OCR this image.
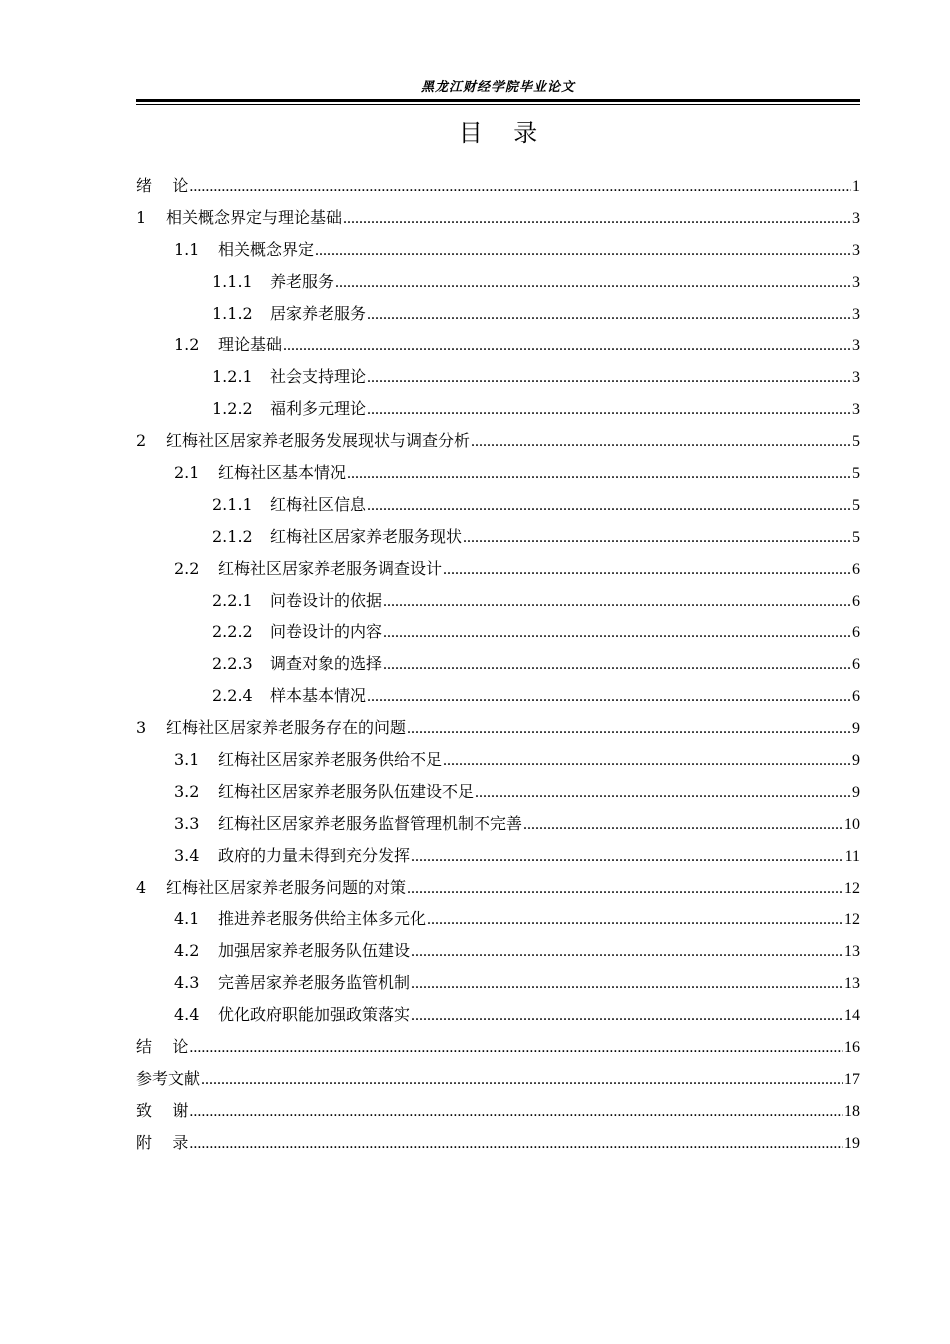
黑龙江财经学院毕业论文
目    录
绪    论 .....	1
1	相关概念界定与理论基础 .....	3
1.1	相关概念界定 .....	3
1.1.1	养老服务 .....	3
1.1.2	居家养老服务 .....	3
1.2	理论基础 .....	3
1.2.1	社会支持理论 .....	3
1.2.2	福利多元理论 .....	3
2	红梅社区居家养老服务发展现状与调查分析 .....	5
2.1	红梅社区基本情况 .....	5
2.1.1	红梅社区信息 .....	5
2.1.2	红梅社区居家养老服务现状 .....	5
2.2	红梅社区居家养老服务调查设计 .....	6
2.2.1	问卷设计的依据 .....	6
2.2.2	问卷设计的内容 .....	6
2.2.3	调查对象的选择 .....	6
2.2.4	样本基本情况 .....	6
3	红梅社区居家养老服务存在的问题 .....	9
3.1	红梅社区居家养老服务供给不足 .....	9
3.2	红梅社区居家养老服务队伍建设不足 .....	9
3.3	红梅社区居家养老服务监督管理机制不完善 .....	10
3.4	政府的力量未得到充分发挥 .....	11
4	红梅社区居家养老服务问题的对策 .....	12
4.1	推进养老服务供给主体多元化 .....	12
4.2	加强居家养老服务队伍建设 .....	13
4.3	完善居家养老服务监管机制 .....	13
4.4	优化政府职能加强政策落实 .....	14
结    论 .....	16
参考文献 .....	17
致    谢 .....	18
附    录 .....	19
